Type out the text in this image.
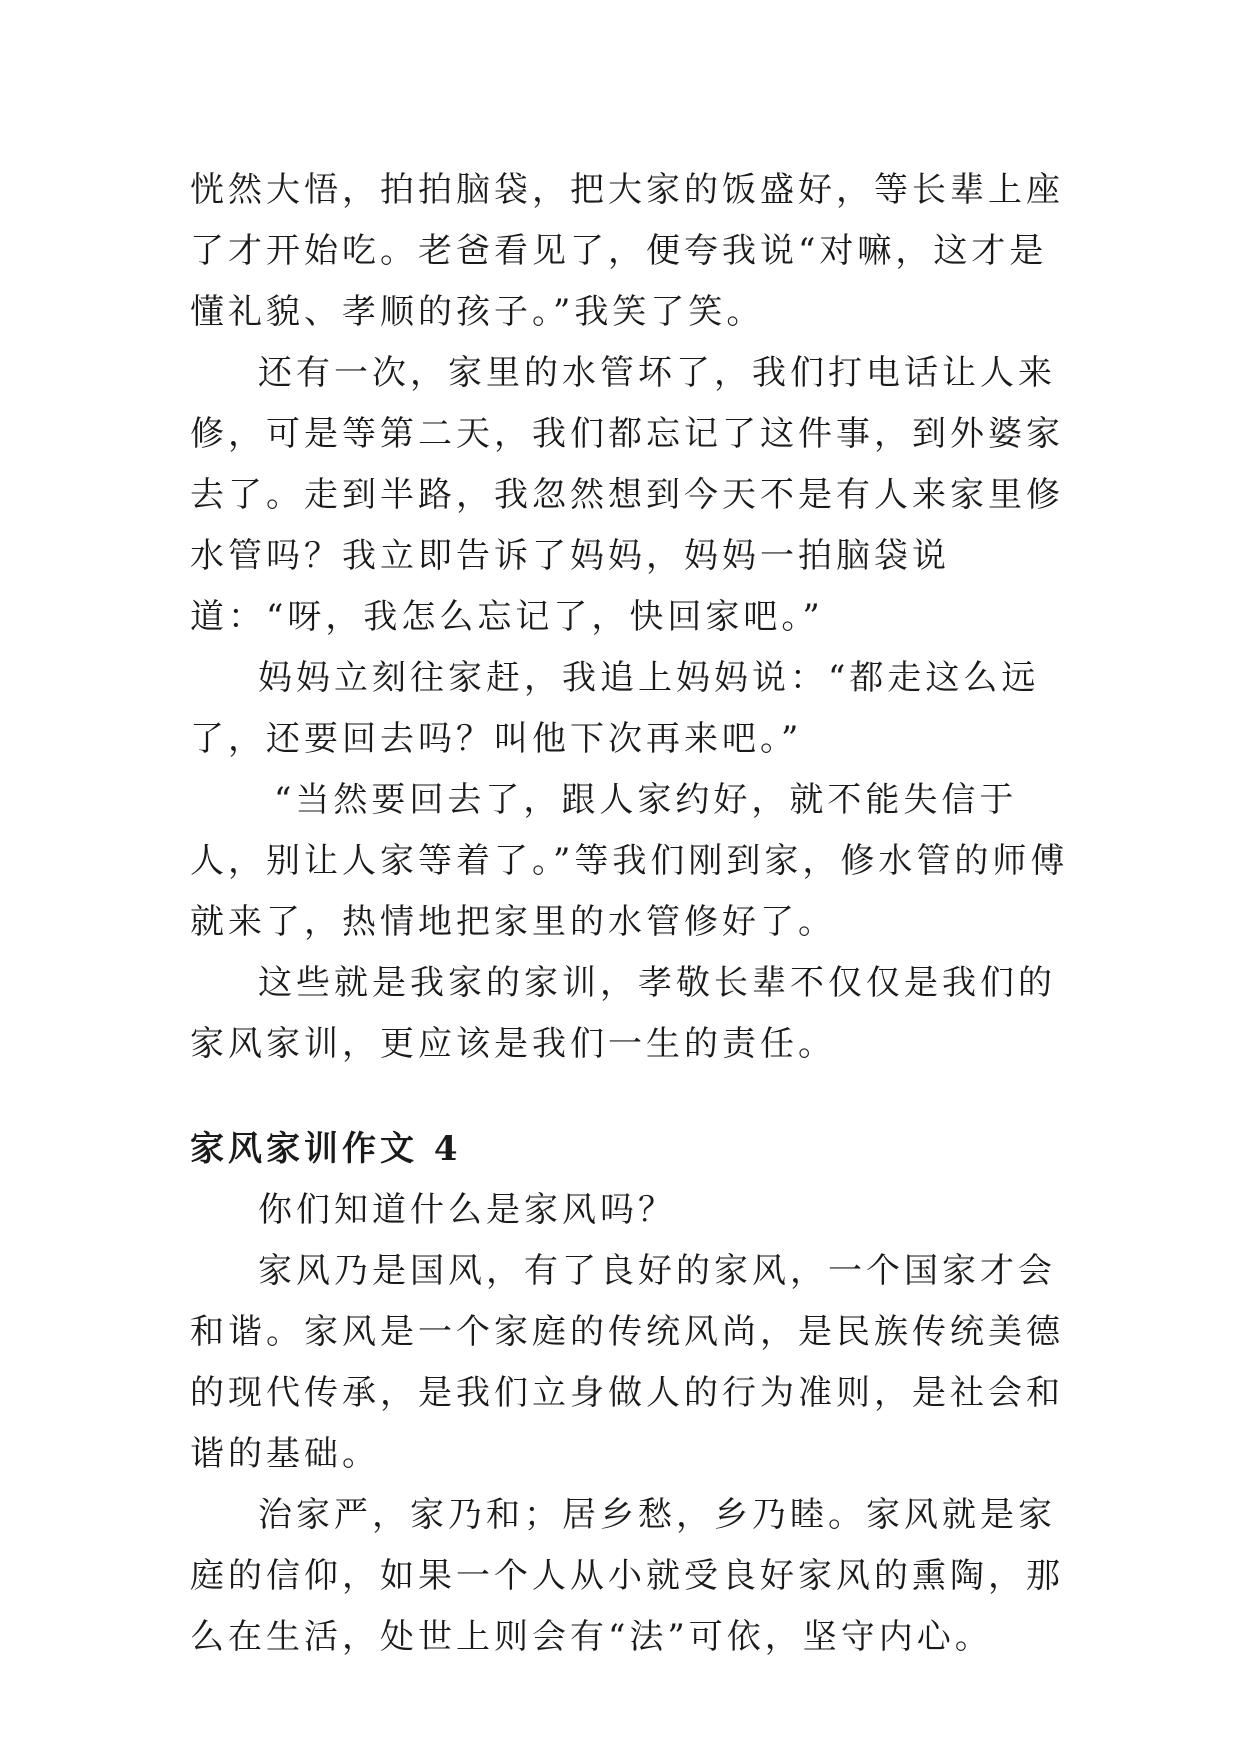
恍然大悟，拍拍脑袋，把大家的饭盛好，等长辈上座了才开始吃。老爸看见了，便夸我说“对嘛，这才是懂礼貌、孝顺的孩子。”我笑了笑。

还有一次，家里的水管坏了，我们打电话让人来修，可是等第二天，我们都忘记了这件事，到外婆家去了。走到半路，我忽然想到今天不是有人来家里修水管吗？我立即告诉了妈妈，妈妈一拍脑袋说道：“呀，我怎么忘记了，快回家吧。”

妈妈立刻往家赶，我追上妈妈说：“都走这么远了，还要回去吗？叫他下次再来吧。”

“当然要回去了，跟人家约好，就不能失信于人，别让人家等着了。”等我们刚到家，修水管的师傅就来了，热情地把家里的水管修好了。

这些就是我家的家训，孝敬长辈不仅仅是我们的家风家训，更应该是我们一生的责任。

家风家训作文 4

你们知道什么是家风吗？

家风乃是国风，有了良好的家风，一个国家才会和谐。家风是一个家庭的传统风尚，是民族传统美德的现代传承，是我们立身做人的行为准则，是社会和谐的基础。

治家严，家乃和；居乡愁，乡乃睦。家风就是家庭的信仰，如果一个人从小就受良好家风的熏陶，那么在生活，处世上则会有“法”可依，坚守内心。
